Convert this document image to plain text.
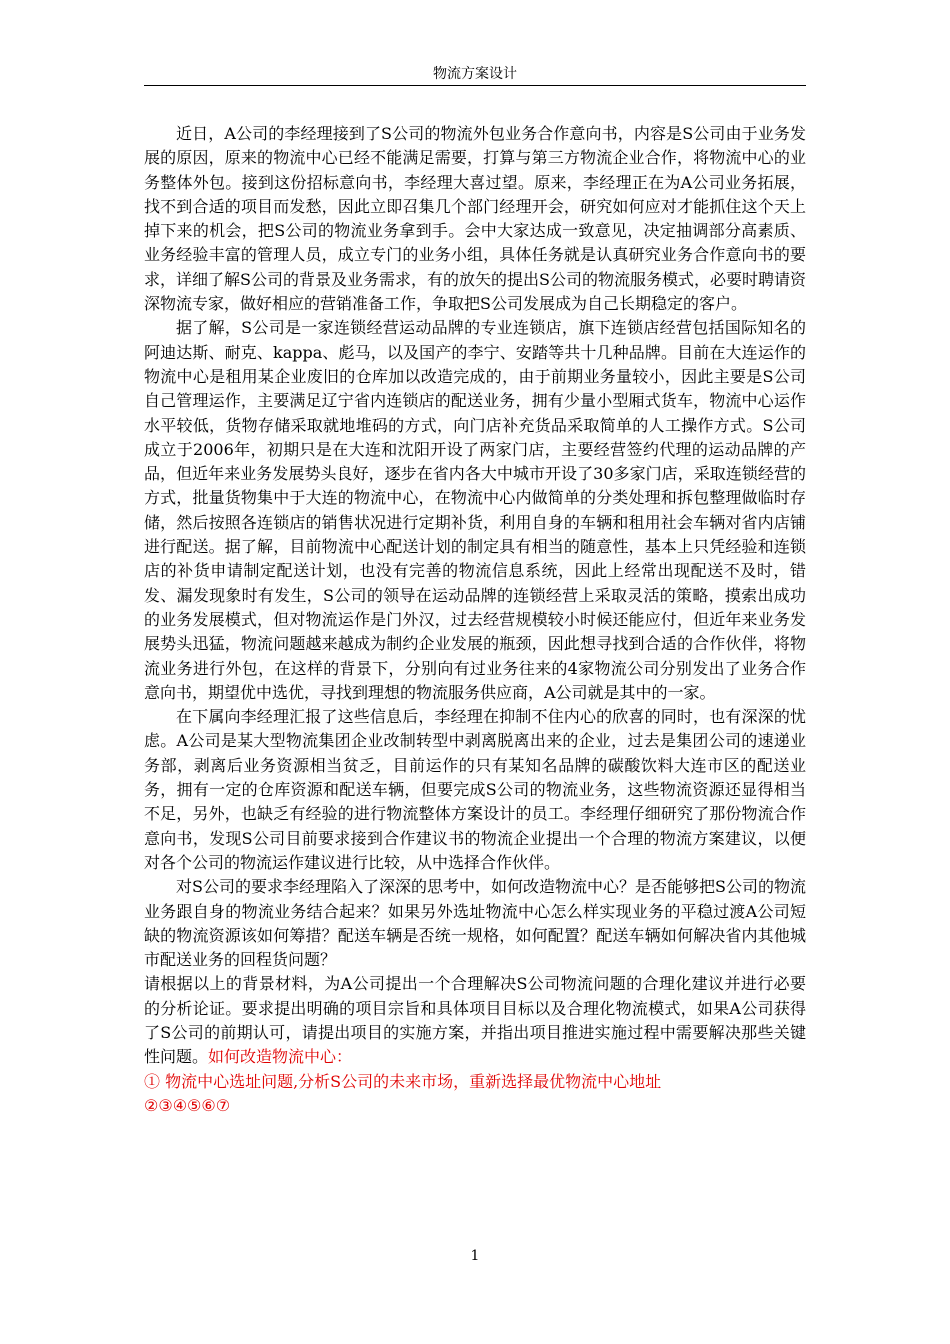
物流方案设计

近日，A公司的李经理接到了S公司的物流外包业务合作意向书，内容是S公司由于业务发展的原因，原来的物流中心已经不能满足需要，打算与第三方物流企业合作，将物流中心的业务整体外包。接到这份招标意向书，李经理大喜过望。原来，李经理正在为A公司业务拓展，找不到合适的项目而发愁，因此立即召集几个部门经理开会，研究如何应对才能抓住这个天上掉下来的机会，把S公司的物流业务拿到手。会中大家达成一致意见，决定抽调部分高素质、业务经验丰富的管理人员，成立专门的业务小组，具体任务就是认真研究业务合作意向书的要求，详细了解S公司的背景及业务需求，有的放矢的提出S公司的物流服务模式，必要时聘请资深物流专家，做好相应的营销准备工作，争取把S公司发展成为自己长期稳定的客户。

据了解，S公司是一家连锁经营运动品牌的专业连锁店，旗下连锁店经营包括国际知名的阿迪达斯、耐克、kappa、彪马，以及国产的李宁、安踏等共十几种品牌。目前在大连运作的物流中心是租用某企业废旧的仓库加以改造完成的，由于前期业务量较小，因此主要是S公司自己管理运作，主要满足辽宁省内连锁店的配送业务，拥有少量小型厢式货车，物流中心运作水平较低，货物存储采取就地堆码的方式，向门店补充货品采取简单的人工操作方式。S公司成立于2006年，初期只是在大连和沈阳开设了两家门店，主要经营签约代理的运动品牌的产品，但近年来业务发展势头良好，逐步在省内各大中城市开设了30多家门店，采取连锁经营的方式，批量货物集中于大连的物流中心，在物流中心内做简单的分类处理和拆包整理做临时存储，然后按照各连锁店的销售状况进行定期补货，利用自身的车辆和租用社会车辆对省内店铺进行配送。据了解，目前物流中心配送计划的制定具有相当的随意性，基本上只凭经验和连锁店的补货申请制定配送计划，也没有完善的物流信息系统，因此上经常出现配送不及时，错发、漏发现象时有发生，S公司的领导在运动品牌的连锁经营上采取灵活的策略，摸索出成功的业务发展模式，但对物流运作是门外汉，过去经营规模较小时候还能应付，但近年来业务发展势头迅猛，物流问题越来越成为制约企业发展的瓶颈，因此想寻找到合适的合作伙伴，将物流业务进行外包，在这样的背景下，分别向有过业务往来的4家物流公司分别发出了业务合作意向书，期望优中选优，寻找到理想的物流服务供应商，A公司就是其中的一家。

在下属向李经理汇报了这些信息后，李经理在抑制不住内心的欣喜的同时，也有深深的忧虑。A公司是某大型物流集团企业改制转型中剥离脱离出来的企业，过去是集团公司的速递业务部，剥离后业务资源相当贫乏，目前运作的只有某知名品牌的碳酸饮料大连市区的配送业务，拥有一定的仓库资源和配送车辆，但要完成S公司的物流业务，这些物流资源还显得相当不足，另外，也缺乏有经验的进行物流整体方案设计的员工。李经理仔细研究了那份物流合作意向书，发现S公司目前要求接到合作建议书的物流企业提出一个合理的物流方案建议，以便对各个公司的物流运作建议进行比较，从中选择合作伙伴。

对S公司的要求李经理陷入了深深的思考中，如何改造物流中心？是否能够把S公司的物流业务跟自身的物流业务结合起来？如果另外选址物流中心怎么样实现业务的平稳过渡A公司短缺的物流资源该如何筹措？配送车辆是否统一规格，如何配置？配送车辆如何解决省内其他城市配送业务的回程货问题？

请根据以上的背景材料，为A公司提出一个合理解决S公司物流问题的合理化建议并进行必要的分析论证。要求提出明确的项目宗旨和具体项目目标以及合理化物流模式，如果A公司获得了S公司的前期认可，请提出项目的实施方案，并指出项目推进实施过程中需要解决那些关键性问题。如何改造物流中心：

① 物流中心选址问题,分析S公司的未来市场，重新选择最优物流中心地址

②③④⑤⑥⑦

1
